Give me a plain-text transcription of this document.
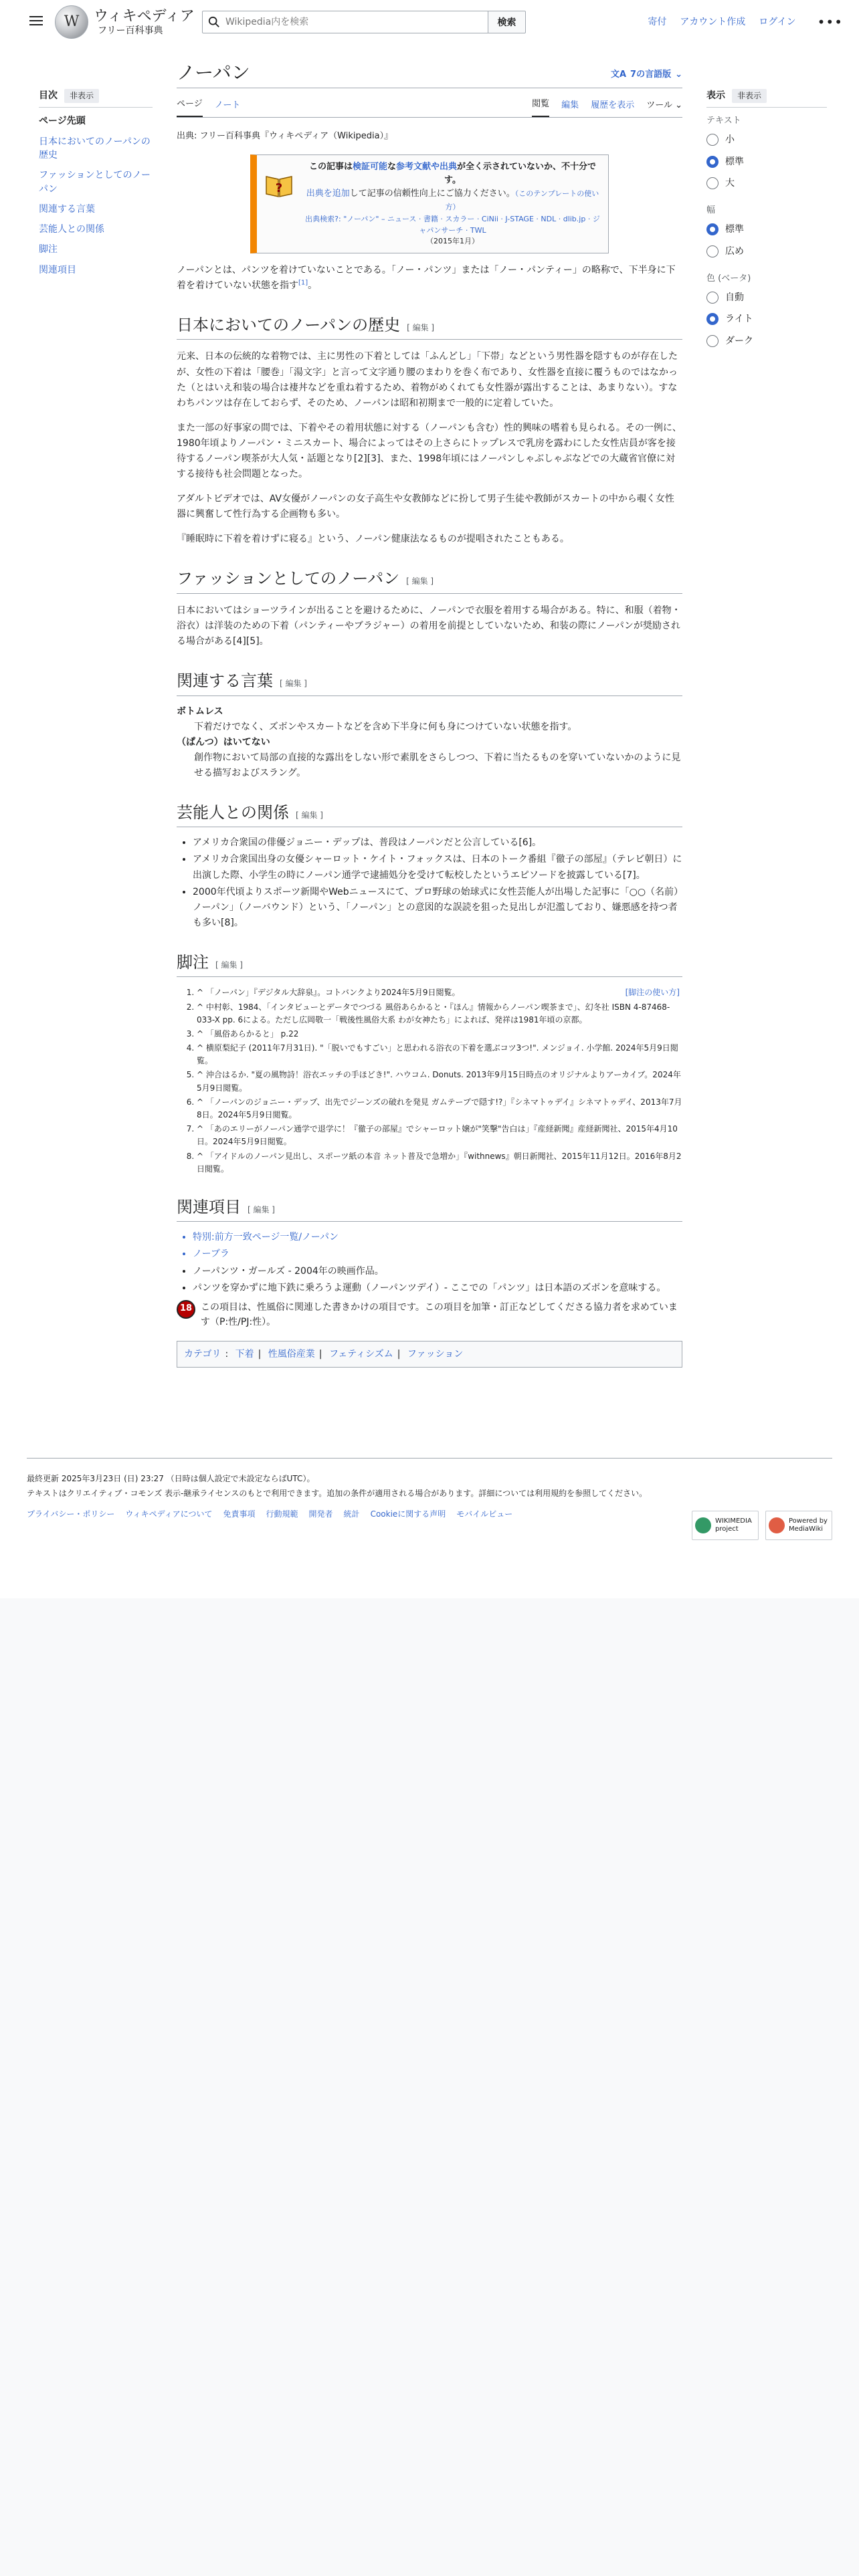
W ウィキペディア
フリー百科事典
Wikipedia内を検索
検索	寄付 アカウント作成 ログイン •••
目次	非表示
ページ先頭
日本においてのノーパンの歴史
ファッションとしてのノーパン
関連する言葉
芸能人との関係
脚注
関連項目
ノーパン	文A 7の言語版 ⌄
ページ ノート	閲覧 編集 履歴を表示 ツール ⌄
出典: フリー百科事典『ウィキペディア（Wikipedia）』
?
この記事は検証可能な参考文献や出典が全く示されていないか、不十分です。
出典を追加して記事の信頼性向上にご協力ください。（このテンプレートの使い方）
出典検索?: "ノーパン" – ニュース · 書籍 · スカラー · CiNii · J-STAGE · NDL · dlib.jp · ジャパンサーチ · TWL
（2015年1月）

ノーパンとは、パンツを着けていないことである。「ノー・パンツ」または「ノー・パンティー」の略称で、下半身に下着を着けていない状態を指す[1]。

日本においてのノーパンの歴史 [ 編集 ]

元来、日本の伝統的な着物では、主に男性の下着としては「ふんどし」「下帯」などという男性器を隠すものが存在したが、女性の下着は「腰巻」「湯文字」と言って文字通り腰のまわりを巻く布であり、女性器を直接に覆うものではなかった（とはいえ和装の場合は褄丼などを重ね着するため、着物がめくれても女性器が露出することは、あまりない）。すなわちパンツは存在しておらず、そのため、ノーパンは昭和初期まで一般的に定着していた。

また一部の好事家の間では、下着やその着用状態に対する（ノーパンも含む）性的興味の嗜着も見られる。その一例に、1980年頃よりノーパン・ミニスカート、場合によってはその上さらにトップレスで乳房を露わにした女性店員が客を接待するノーパン喫茶が大人気・話題となり[2][3]、また、1998年頃にはノーパンしゃぶしゃぶなどでの大蔵省官僚に対する接待も社会問題となった。

アダルトビデオでは、AV女優がノーパンの女子高生や女教師などに扮して男子生徒や教師がスカートの中から覗く女性器に興奮して性行為する企画物も多い。

『睡眠時に下着を着けずに寝る』という、ノーパン健康法なるものが提唱されたこともある。

ファッションとしてのノーパン [ 編集 ]

日本においてはショーツラインが出ることを避けるために、ノーパンで衣服を着用する場合がある。特に、和服（着物・浴衣）は洋装のための下着（パンティーやブラジャー）の着用を前提としていないため、和装の際にノーパンが奨励される場合がある[4][5]。

関連する言葉 [ 編集 ]
ボトムレス
下着だけでなく、ズボンやスカートなどを含め下半身に何も身につけていない状態を指す。
（ぱんつ）はいてない
創作物において局部の直接的な露出をしない形で素肌をさらしつつ、下着に当たるものを穿いていないかのように見せる描写およびスラング。
芸能人との関係 [ 編集 ]
• アメリカ合衆国の俳優ジョニー・デップは、普段はノーパンだと公言している[6]。
• アメリカ合衆国出身の女優シャーロット・ケイト・フォックスは、日本のトーク番組『徹子の部屋』（テレビ朝日）に出演した際、小学生の時にノーパン通学で逮捕処分を受けて転校したというエピソードを披露している[7]。
• 2000年代頃よりスポーツ新聞やWebニュースにて、プロ野球の始球式に女性芸能人が出場した記事に「○○（名前）ノーパン」（ノーバウンド）という、「ノーパン」との意図的な誤読を狙った見出しが氾濫しており、嫌悪感を持つ者も多い[8]。
脚注 [ 編集 ]
1. [脚注の使い方]
^ 「ノーパン」『デジタル大辞泉』。コトバンクより2024年5月9日閲覧。
2. ^ 中村彰、1984、「インタビューとデータでつづる 風俗あらかると・『ほん』情報からノーパン喫茶まで」、幻冬社 ISBN 4-87468-033-X pp. 6による。ただし広岡敬一「戦後性風俗大系 わが女神たち」によれば、発祥は1981年頃の京都。
3. ^ 「風俗あらかると」 p.22
4. ^ 横原梨紀子 (2011年7月31日). "「脱いでもすごい」と思われる浴衣の下着を選ぶコツ3つ!". メンジョイ. 小学館. 2024年5月9日閲覧。
5. ^ 沖合はるか. "夏の風物詩！浴衣エッチの手ほどき!". ハウコム. Donuts. 2013年9月15日時点のオリジナルよりアーカイブ。2024年5月9日閲覧。
6. ^ 「ノーパンのジョニー・デップ、出先でジーンズの破れを発見 ガムテープで隠す!?」『シネマトゥデイ』シネマトゥデイ、2013年7月8日。2024年5月9日閲覧。
7. ^ 「あのエリーがノーパン通学で退学に！『徹子の部屋』でシャーロット嬢が"笑撃"告白は」『産経新聞』産経新聞社、2015年4月10日。2024年5月9日閲覧。
8. ^ 「アイドルのノーパン見出し、スポーツ紙の本音 ネット普及で急増か」『withnews』朝日新聞社、2015年11月12日。2016年8月2日閲覧。
関連項目 [ 編集 ]
• 特別:前方一致ページ一覧/ノーパン
• ノーブラ
• ノーパンツ・ガールズ - 2004年の映画作品。
• パンツを穿かずに地下鉄に乗ろうよ運動（ノーパンツデイ）- ここでの「パンツ」は日本語のズボンを意味する。
18 この項目は、性風俗に関連した書きかけの項目です。この項目を加筆・訂正などしてくださる協力者を求めています（P:性/PJ:性）。
カテゴリ : 下着 | 性風俗産業 | フェティシズム | ファッション
表示	非表示
テキスト
小
標準
大
幅
標準
広め
色 (ベータ)
自動
ライト
ダーク
最終更新 2025年3月23日 (日) 23:27 （日時は個人設定で未設定ならばUTC）。
テキストはクリエイティブ・コモンズ 表示-継承ライセンスのもとで利用できます。追加の条件が適用される場合があります。詳細については利用規約を参照してください。
プライバシー・ポリシー ウィキペディアについて 免責事項 行動規範 開発者 統計 Cookieに関する声明 モバイルビュー
WIKIMEDIA project
Powered by MediaWiki
